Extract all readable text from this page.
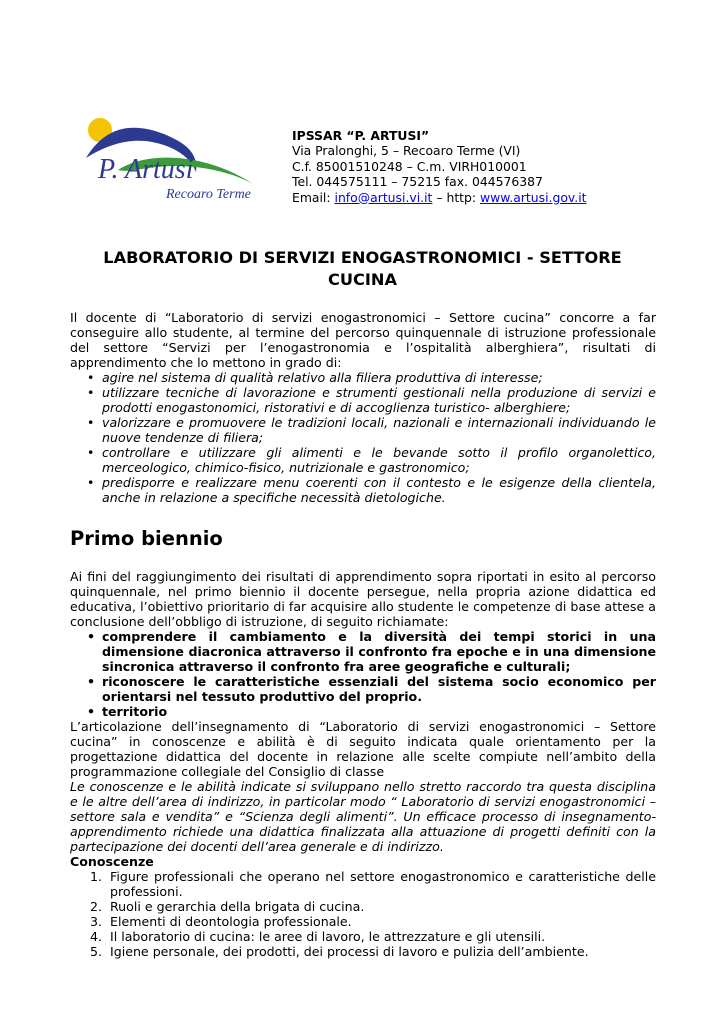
P. Artusi
Recoaro Terme
IPSSAR “P. ARTUSI”
Via Pralonghi, 5 – Recoaro Terme (VI)
C.f. 85001510248 – C.m. VIRH010001
Tel. 044575111 – 75215 fax. 044576387
Email: info@artusi.vi.it – http: www.artusi.gov.it
LABORATORIO DI SERVIZI ENOGASTRONOMICI - SETTORE CUCINA

Il docente di “Laboratorio di servizi enogastronomici – Settore cucina” concorre a far conseguire allo studente, al termine del percorso quinquennale di istruzione professionale del settore “Servizi per l’enogastronomia e l’ospitalità alberghiera”, risultati di apprendimento che lo mettono in grado di:

• agire nel sistema di qualità relativo alla filiera produttiva di interesse;
• utilizzare tecniche di lavorazione e strumenti gestionali nella produzione di servizi e prodotti enogastonomici, ristorativi e di accoglienza turistico- alberghiere;
• valorizzare e promuovere le tradizioni locali, nazionali e internazionali individuando le nuove tendenze di filiera;
• controllare e utilizzare gli alimenti e le bevande sotto il profilo organolettico, merceologico, chimico-fisico, nutrizionale e gastronomico;
• predisporre e realizzare menu coerenti con il contesto e le esigenze della clientela, anche in relazione a specifiche necessità dietologiche.
Primo biennio

Ai fini del raggiungimento dei risultati di apprendimento sopra riportati in esito al percorso quinquennale, nel primo biennio il docente persegue, nella propria azione didattica ed educativa, l’obiettivo prioritario di far acquisire allo studente le competenze di base attese a conclusione dell’obbligo di istruzione, di seguito richiamate:

• comprendere il cambiamento e la diversità dei tempi storici in una dimensione diacronica attraverso il confronto fra epoche e in una dimensione sincronica attraverso il confronto fra aree geografiche e culturali;
• riconoscere le caratteristiche essenziali del sistema socio economico per orientarsi nel tessuto produttivo del proprio.
• territorio

L’articolazione dell’insegnamento di “Laboratorio di servizi enogastronomici – Settore cucina” in conoscenze e abilità è di seguito indicata quale orientamento per la progettazione didattica del docente in relazione alle scelte compiute nell’ambito della programmazione collegiale del Consiglio di classe

Le conoscenze e le abilità indicate si sviluppano nello stretto raccordo tra questa disciplina e le altre dell’area di indirizzo, in particolar modo “ Laboratorio di servizi enogastronomici – settore sala e vendita” e “Scienza degli alimenti”. Un efficace processo di insegnamento-apprendimento richiede una didattica finalizzata alla attuazione di progetti definiti con la partecipazione dei docenti dell’area generale e di indirizzo.

Conoscenze
1. Figure professionali che operano nel settore enogastronomico e caratteristiche delle professioni.
2. Ruoli e gerarchia della brigata di cucina.
3. Elementi di deontologia professionale.
4. Il laboratorio di cucina: le aree di lavoro, le attrezzature e gli utensili.
5. Igiene personale, dei prodotti, dei processi di lavoro e pulizia dell’ambiente.
